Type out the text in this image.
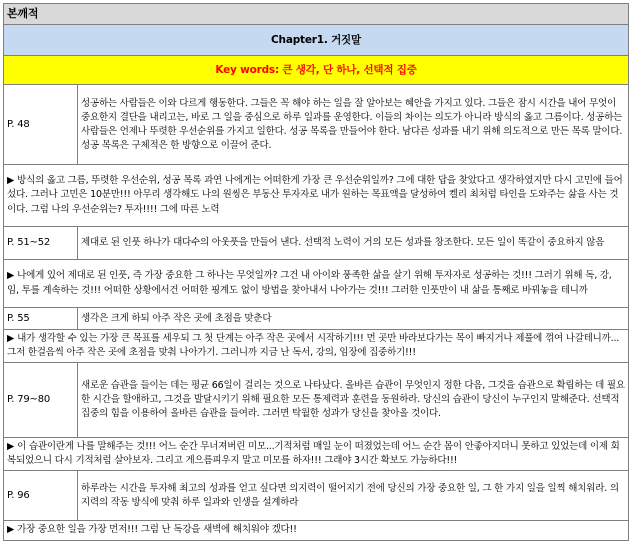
본깨적	
Chapter1. 거짓말	
Key words: 큰 생각, 단 하나, 선택적 집중	
P. 48	성공하는 사람들은 이와 다르게 행동한다. 그들은 꼭 해야 하는 일을 잘 알아보는 혜안을 가지고 있다. 그들은 잠시 시간을 내어 무엇이 중요한지 결단을 내리고는, 바로 그 일을 중심으로 하루 일과를 운영한다. 이들의 차이는 의도가 아니라 방식의 옳고 그름이다. 성공하는 사람들은 언제나 뚜렷한 우선순위를 가지고 일한다. 성공 목록을 만들어야 한다. 남다른 성과를 내기 위해 의도적으로 만든 목록 말이다. 성공 목록은 구체적은 한 방향으로 이끌어 준다.
▶ 방식의 옳고 그름, 뚜렷한 우선순위, 성공 목록 과연 나에게는 어떠한게 가장 큰 우선순위일까? 그에 대한 답을 찾았다고 생각하였지만 다시 고민에 들어섰다. 그러나 고민은 10분만!!! 아무리 생각해도 나의 원씽은 부동산 투자자로 내가 원하는 목표액을 달성하여 켈리 최처럼 타인을 도와주는 삶을 사는 것이다. 그럼 나의 우선순위는? 투자!!!! 그에 따른 노력	
P. 51~52	제대로 된 인풋 하나가 대다수의 아웃풋을 만들어 낸다. 선택적 노력이 거의 모든 성과를 창조한다. 모든 일이 똑같이 중요하지 않음
▶ 나에게 있어 제대로 된 인풋, 즉 가장 중요한 그 하나는 무엇일까? 그건 내 아이와 풍족한 삶을 살기 위해 투자자로 성공하는 것!!! 그러기 위해 독, 강, 임, 투를 계속하는 것!!! 어떠한 상황에서건 어떠한 핑계도 없이 방법을 찾아내서 나아가는 것!!! 그러한 인풋만이 내 삶을 통째로 바꿔놓을 테니까	
P. 55	생각은 크게 하되 아주 작은 곳에 초점을 맞춘다
▶ 내가 생각할 수 있는 가장 큰 목표를 세우되 그 첫 단계는 아주 작은 곳에서 시작하기!!! 먼 곳만 바라보다가는 목이 빠지거나 제풀에 꺾여 나갈테니까...그저 한걸음씩 아주 작은 곳에 초점을 맞춰 나아가기. 그러니까 지금 난 독서, 강의, 임장에 집중하기!!!	
P. 79~80	새로운 습관을 들이는 데는 평균 66일이 걸리는 것으로 나타났다. 올바른 습관이 무엇인지 정한 다음, 그것을 습관으로 확립하는 데 필요한 시간을 할애하고, 그것을 발달시키기 위해 필요한 모든 통제력과 훈련을 동원하라. 당신의 습관이 당신이 누구인지 말해준다. 선택적 집중의 힘을 이용하여 올바른 습관을 들여라. 그러면 탁월한 성과가 당신을 찾아올 것이다.
▶ 이 습관이란게 나를 말해주는 것!!! 어느 순간 무너져버린 미모...기적처럼 매일 눈이 떠졌었는데 어느 순간 몸이 안좋아지더니 못하고 있었는데 이제 회복되었으니 다시 기적처럼 살아보자. 그리고 게으름피우지 말고 미모를 하자!!! 그래야 3시간 확보도 가능하다!!!	
P. 96	하루라는 시간을 투자해 최고의 성과를 얻고 싶다면 의지력이 떨어지기 전에 당신의 가장 중요한 일, 그 한 가지 일을 일찍 해치워라. 의지력의 작동 방식에 맞춰 하루 일과와 인생을 설계하라
▶ 가장 중요한 일을 가장 먼저!!! 그럼 난 독강을 새벽에 해치워야 겠다!!	
